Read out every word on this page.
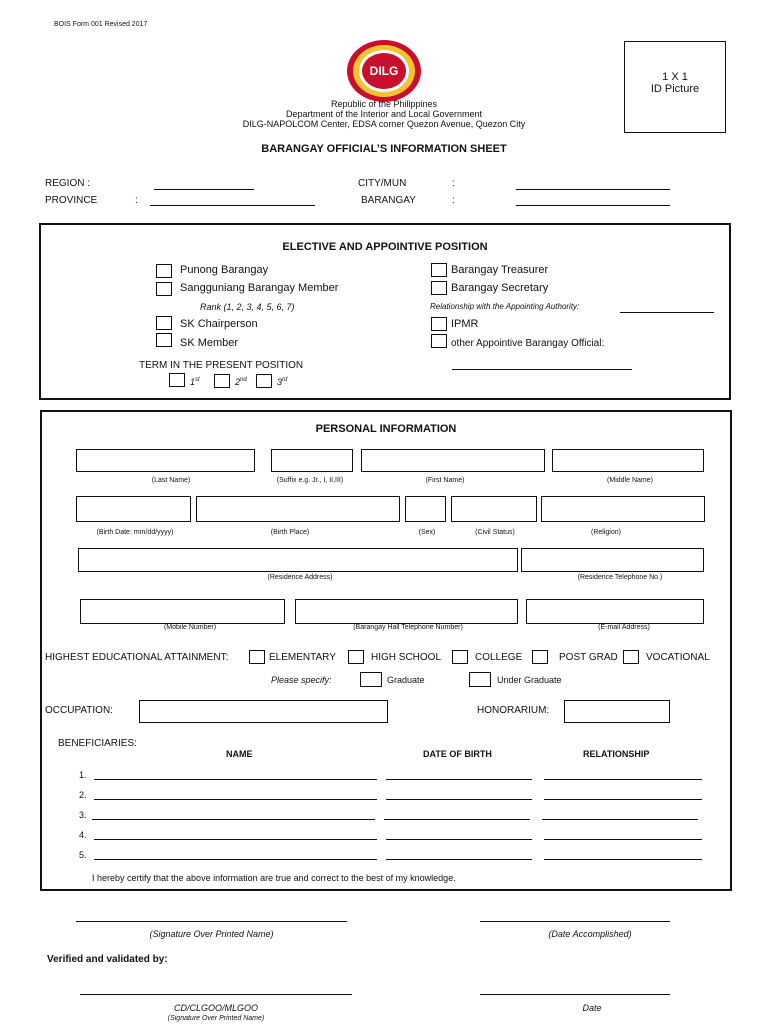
BOIS Form 001 Revised 2017
DILG	1 X 1
ID Picture
Republic of the Philippines
Department of the Interior and Local Government
DILG-NAPOLCOM Center, EDSA corner Quezon Avenue, Quezon City
BARANGAY OFFICIAL’S INFORMATION SHEET
REGION :
PROVINCE	:
CITY/MUN	:
BARANGAY	:
ELECTIVE AND APPOINTIVE POSITION
Punong Barangay
Sangguniang Barangay Member
Rank (1, 2, 3, 4, 5, 6, 7)
SK Chairperson
SK Member
Barangay Treasurer
Barangay Secretary
Relationship with the Appointing Authority:
IPMR
other Appointive Barangay Official:
TERM IN THE PRESENT POSITION
1st	2nd	3rd
PERSONAL INFORMATION
(Last Name)	(Suffix e.g. Jr., I, II,III)	(First Name)	(Middle Name)
(Birth Date: mm/dd/yyyy)	(Birth Place)	(Sex)	(Civil Status)	(Religion)
(Residence Address)	(Residence Telephone No.)
(Mobile Number)	(Barangay Hall Telephone Number)	(E-mail Address)
HIGHEST EDUCATIONAL ATTAINMENT:	ELEMENTARY	HIGH SCHOOL	COLLEGE	POST GRAD	VOCATIONAL
Please specify:	Graduate	Under Graduate
OCCUPATION:	HONORARIUM:
BENEFICIARIES:
NAME	DATE OF BIRTH	RELATIONSHIP
1.
2.
3.
4.
5.
I hereby certify that the above information are true and correct to the best of my knowledge.
(Signature Over Printed Name)	(Date Accomplished)
Verified and validated by:
CD/CLGOO/MLGOO
(Signature Over Printed Name)
Date
